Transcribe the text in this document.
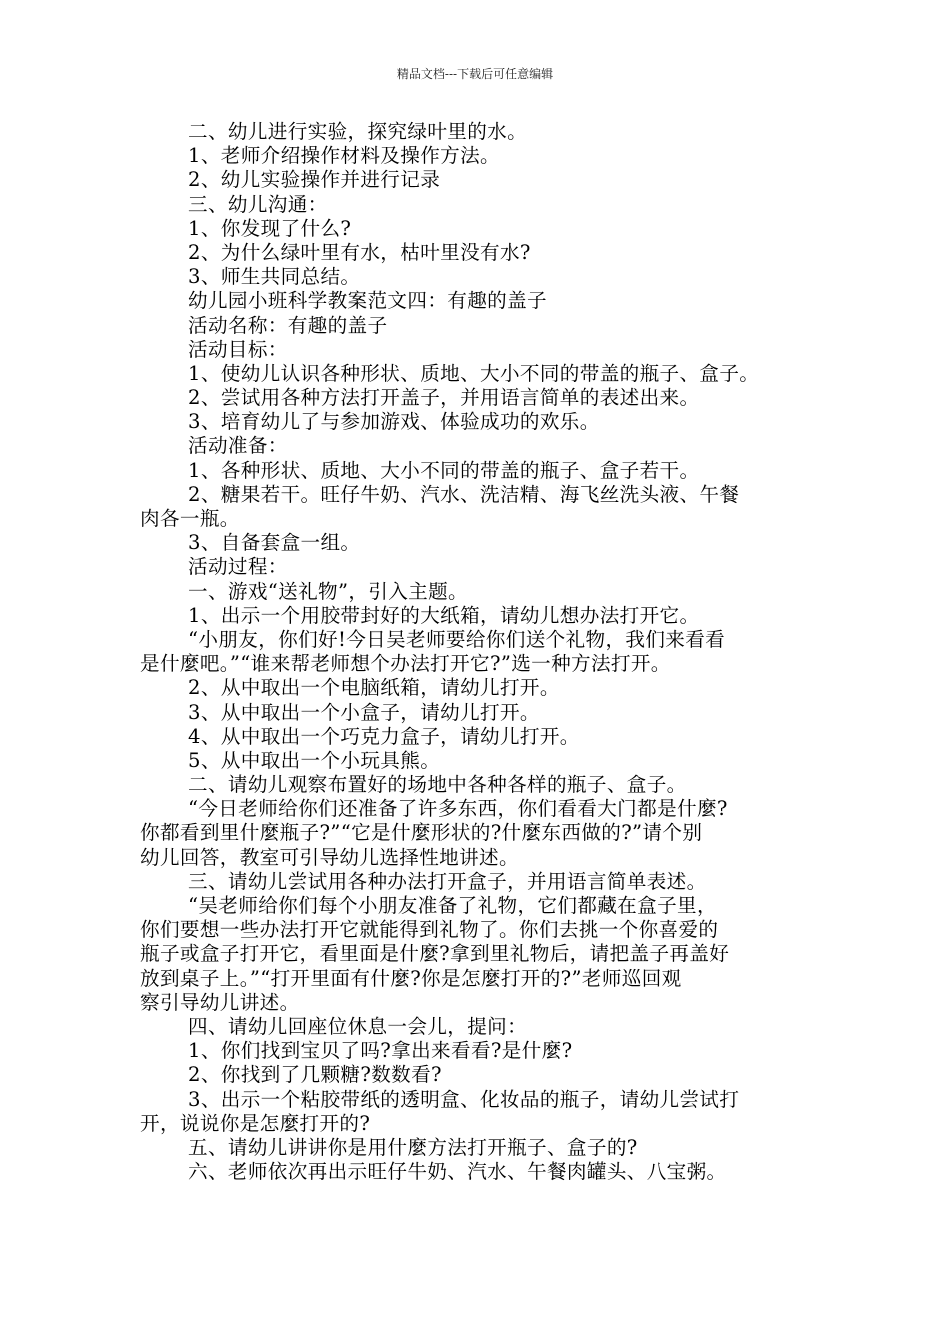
精品文档---下载后可任意编辑

二、幼儿进行实验，探究绿叶里的水。

1、老师介绍操作材料及操作方法。

2、幼儿实验操作并进行记录

三、幼儿沟通：

1、你发现了什么?

2、为什么绿叶里有水，枯叶里没有水?

3、师生共同总结。

幼儿园小班科学教案范文四：有趣的盖子

活动名称：有趣的盖子

活动目标：

1、使幼儿认识各种形状、质地、大小不同的带盖的瓶子、盒子。

2、尝试用各种方法打开盖子，并用语言简单的表述出来。

3、培育幼儿了与参加游戏、体验成功的欢乐。

活动准备：

1、各种形状、质地、大小不同的带盖的瓶子、盒子若干。

2、糖果若干。旺仔牛奶、汽水、洗洁精、海飞丝洗头液、午餐

肉各一瓶。

3、自备套盒一组。

活动过程：

一、游戏“送礼物”，引入主题。

1、出示一个用胶带封好的大纸箱，请幼儿想办法打开它。

“小朋友，你们好!今日吴老师要给你们送个礼物，我们来看看

是什麼吧。”“谁来帮老师想个办法打开它?”选一种方法打开。

2、从中取出一个电脑纸箱，请幼儿打开。

3、从中取出一个小盒子，请幼儿打开。

4、从中取出一个巧克力盒子，请幼儿打开。

5、从中取出一个小玩具熊。

二、请幼儿观察布置好的场地中各种各样的瓶子、盒子。

“今日老师给你们还准备了许多东西，你们看看大门都是什麼?

你都看到里什麼瓶子?”“它是什麼形状的?什麼东西做的?”请个别

幼儿回答，教室可引导幼儿选择性地讲述。

三、请幼儿尝试用各种办法打开盒子，并用语言简单表述。

“吴老师给你们每个小朋友准备了礼物，它们都藏在盒子里，

你们要想一些办法打开它就能得到礼物了。你们去挑一个你喜爱的

瓶子或盒子打开它，看里面是什麼?拿到里礼物后，请把盖子再盖好

放到桌子上。”“打开里面有什麼?你是怎麼打开的?”老师巡回观

察引导幼儿讲述。

四、请幼儿回座位休息一会儿，提问：

1、你们找到宝贝了吗?拿出来看看?是什麼?

2、你找到了几颗糖?数数看?

3、出示一个粘胶带纸的透明盒、化妆品的瓶子，请幼儿尝试打

开，说说你是怎麼打开的?

五、请幼儿讲讲你是用什麼方法打开瓶子、盒子的?

六、老师依次再出示旺仔牛奶、汽水、午餐肉罐头、八宝粥。
